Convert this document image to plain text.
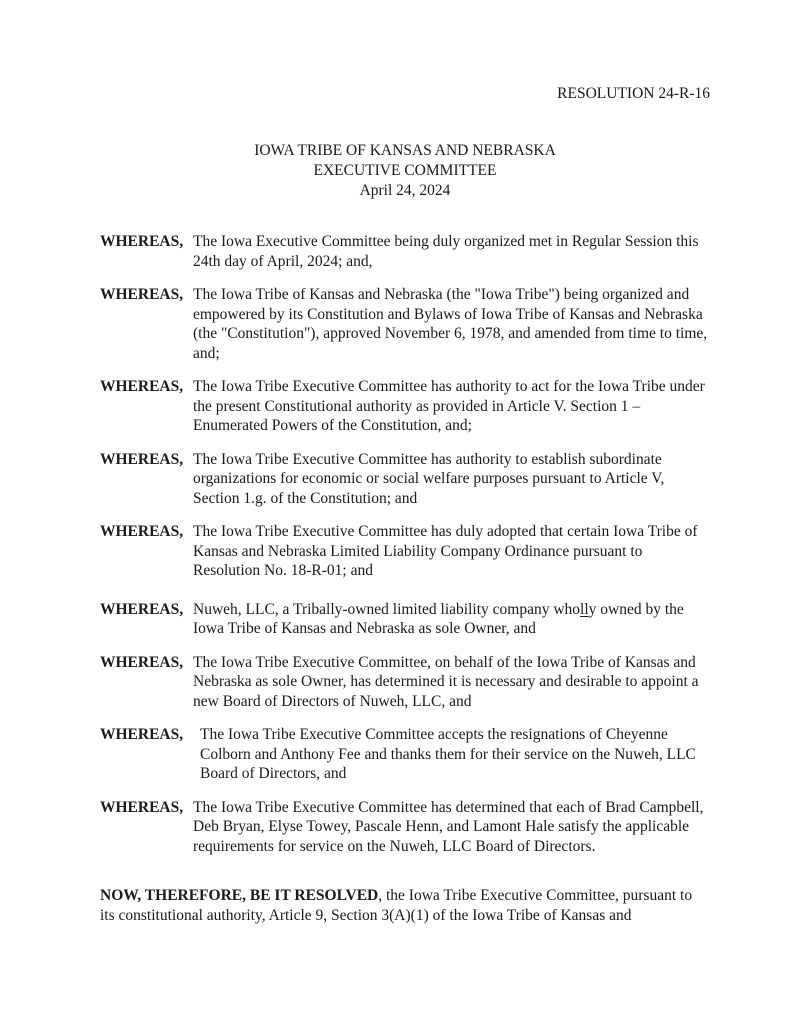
RESOLUTION 24-R-16
IOWA TRIBE OF KANSAS AND NEBRASKA
EXECUTIVE COMMITTEE
April 24, 2024
WHEREAS, The Iowa Executive Committee being duly organized met in Regular Session this 24th day of April, 2024; and,
WHEREAS, The Iowa Tribe of Kansas and Nebraska (the "Iowa Tribe") being organized and empowered by its Constitution and Bylaws of Iowa Tribe of Kansas and Nebraska (the "Constitution"), approved November 6, 1978, and amended from time to time, and;
WHEREAS, The Iowa Tribe Executive Committee has authority to act for the Iowa Tribe under the present Constitutional authority as provided in Article V. Section 1 – Enumerated Powers of the Constitution, and;
WHEREAS, The Iowa Tribe Executive Committee has authority to establish subordinate organizations for economic or social welfare purposes pursuant to Article V, Section 1.g. of the Constitution; and
WHEREAS, The Iowa Tribe Executive Committee has duly adopted that certain Iowa Tribe of Kansas and Nebraska Limited Liability Company Ordinance pursuant to Resolution No. 18-R-01; and
WHEREAS, Nuweh, LLC, a Tribally-owned limited liability company wholly owned by the Iowa Tribe of Kansas and Nebraska as sole Owner, and
WHEREAS, The Iowa Tribe Executive Committee, on behalf of the Iowa Tribe of Kansas and Nebraska as sole Owner, has determined it is necessary and desirable to appoint a new Board of Directors of Nuweh, LLC, and
WHEREAS,	The Iowa Tribe Executive Committee accepts the resignations of Cheyenne Colborn and Anthony Fee and thanks them for their service on the Nuweh, LLC Board of Directors, and
WHEREAS, The Iowa Tribe Executive Committee has determined that each of Brad Campbell, Deb Bryan, Elyse Towey, Pascale Henn, and Lamont Hale satisfy the applicable requirements for service on the Nuweh, LLC Board of Directors.
NOW, THEREFORE, BE IT RESOLVED, the Iowa Tribe Executive Committee, pursuant to its constitutional authority, Article 9, Section 3(A)(1) of the Iowa Tribe of Kansas and
